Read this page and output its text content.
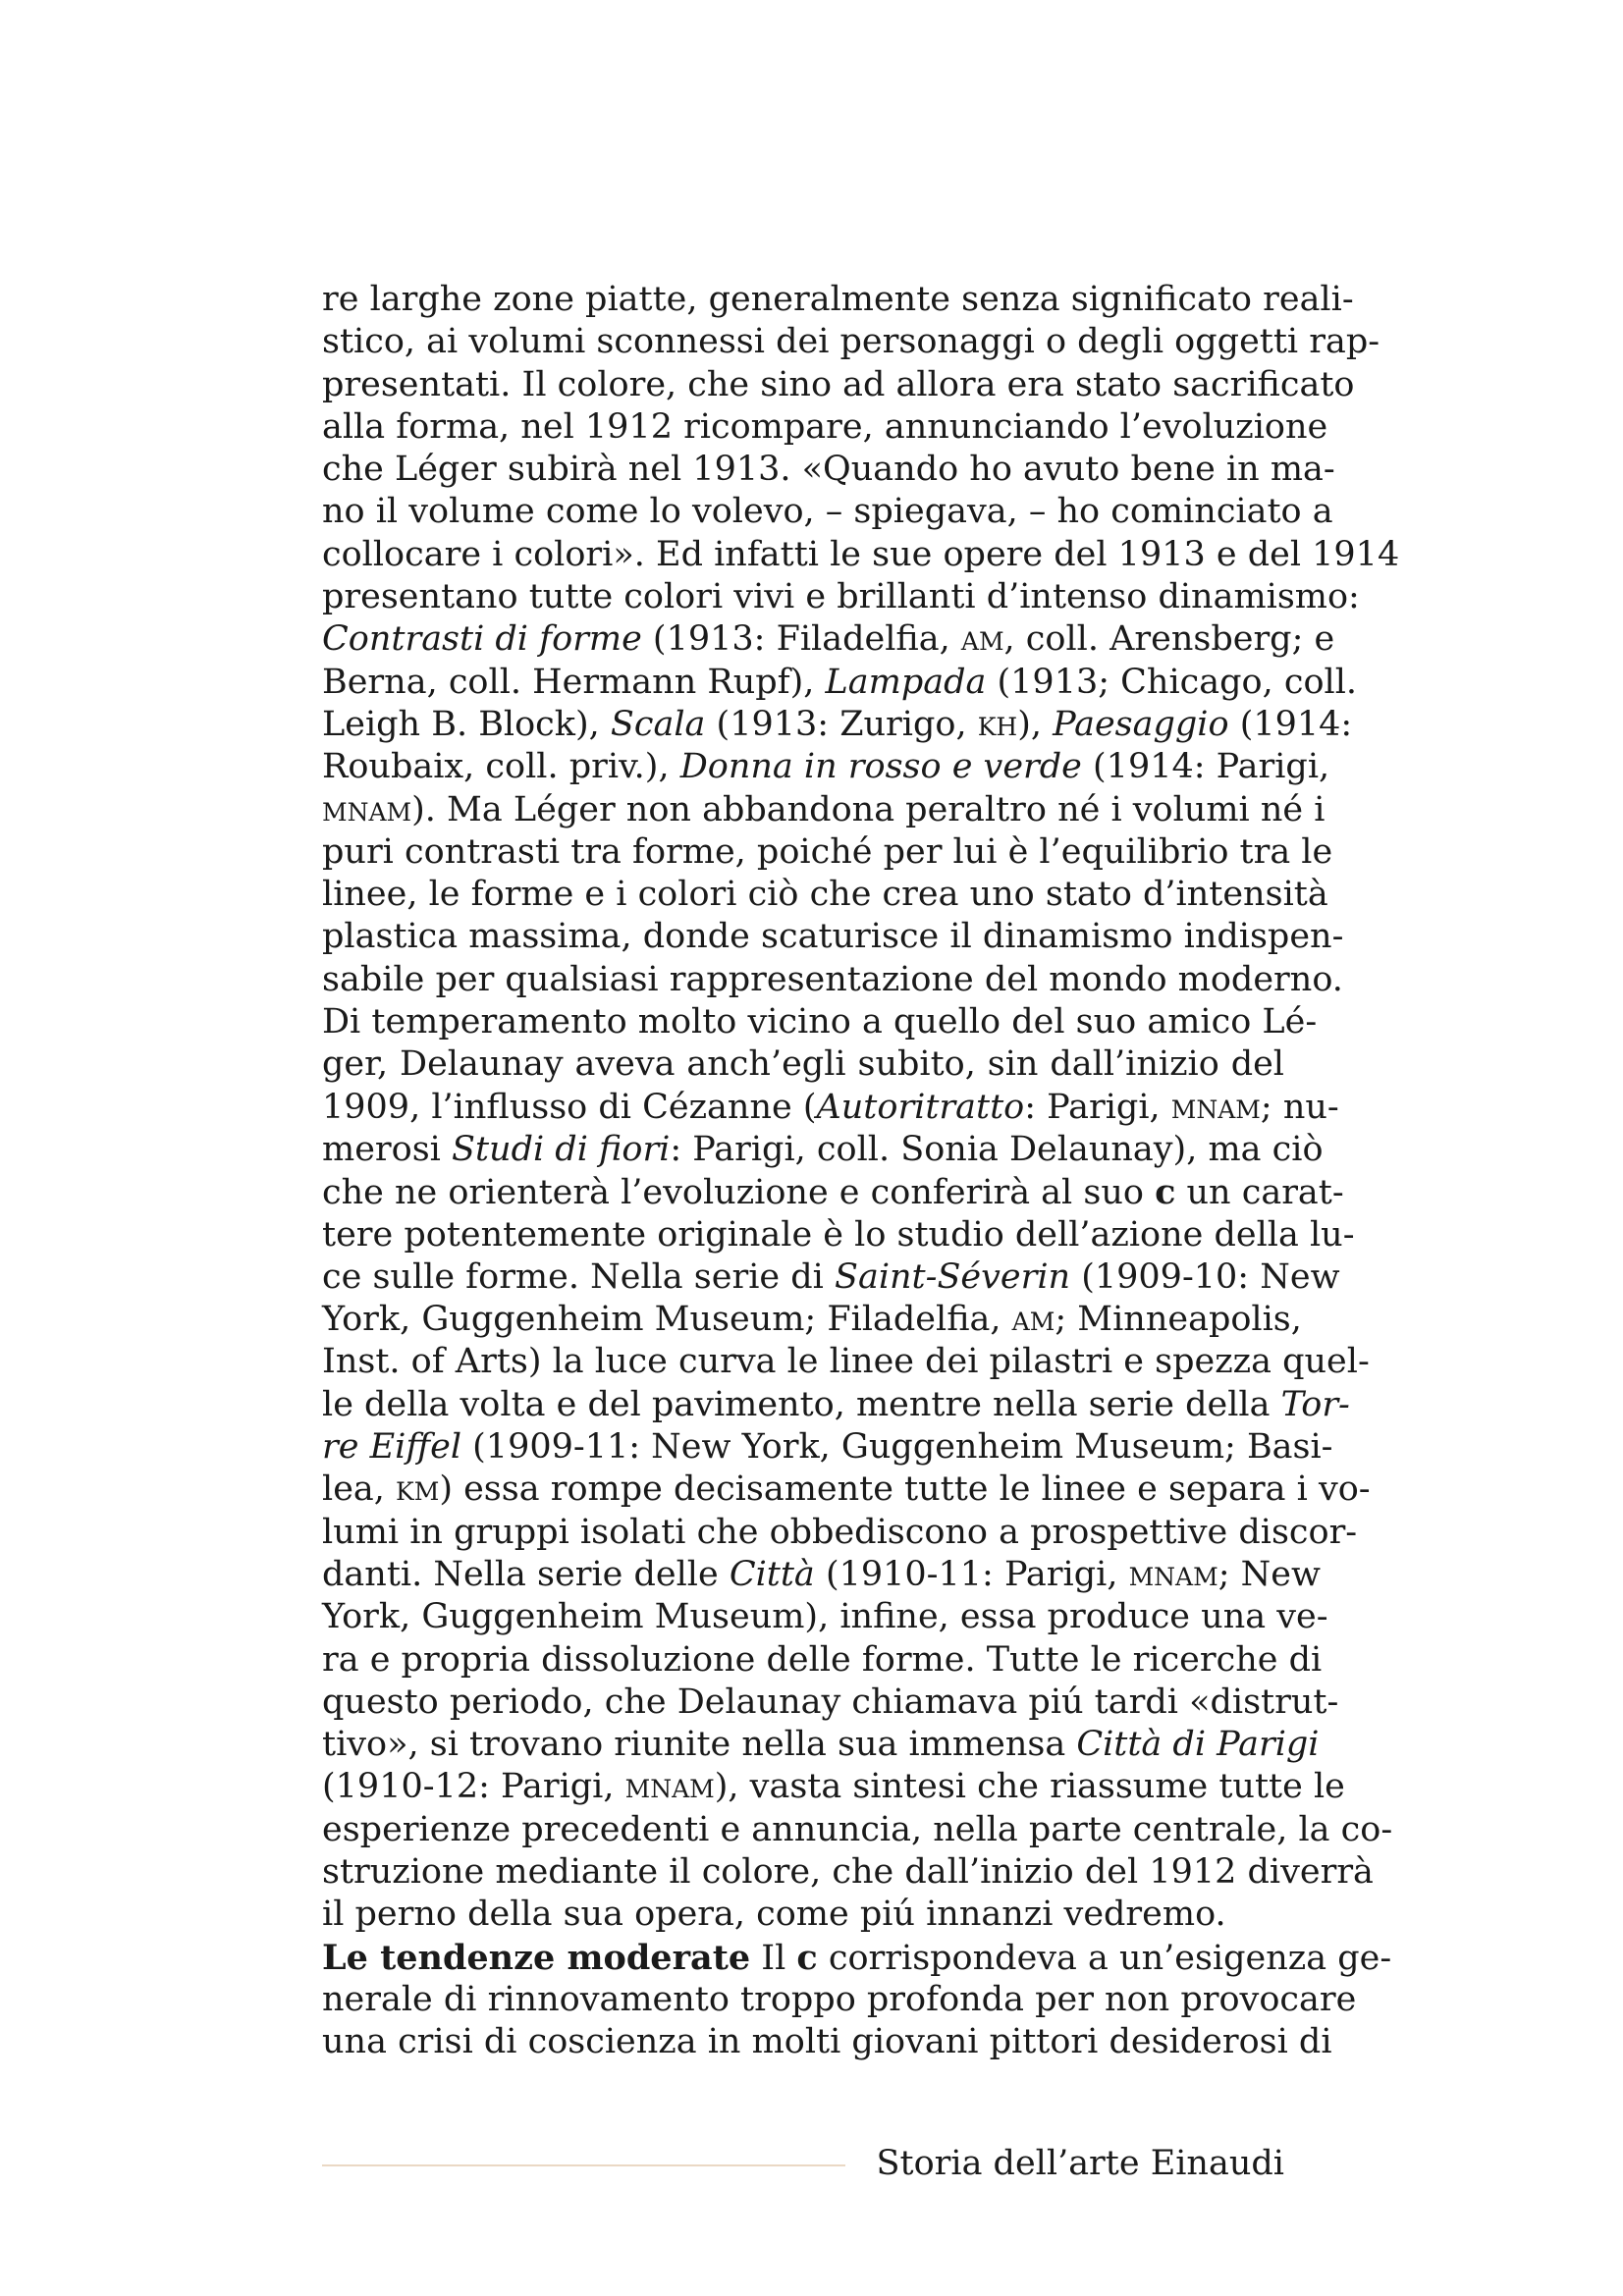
re larghe zone piatte, generalmente senza significato reali-
stico, ai volumi sconnessi dei personaggi o degli oggetti rap-
presentati. Il colore, che sino ad allora era stato sacrificato
alla forma, nel 1912 ricompare, annunciando l’evoluzione
che Léger subirà nel 1913. «Quando ho avuto bene in ma-
no il volume come lo volevo, – spiegava, – ho cominciato a
collocare i colori». Ed infatti le sue opere del 1913 e del 1914
presentano tutte colori vivi e brillanti d’intenso dinamismo:
Contrasti di forme (1913: Filadelfia, am, coll. Arensberg; e
Berna, coll. Hermann Rupf), Lampada (1913; Chicago, coll.
Leigh B. Block), Scala (1913: Zurigo, kh), Paesaggio (1914:
Roubaix, coll. priv.), Donna in rosso e verde (1914: Parigi,
mnam). Ma Léger non abbandona peraltro né i volumi né i
puri contrasti tra forme, poiché per lui è l’equilibrio tra le
linee, le forme e i colori ciò che crea uno stato d’intensità
plastica massima, donde scaturisce il dinamismo indispen-
sabile per qualsiasi rappresentazione del mondo moderno.
Di temperamento molto vicino a quello del suo amico Lé-
ger, Delaunay aveva anch’egli subito, sin dall’inizio del
1909, l’influsso di Cézanne (Autoritratto: Parigi, mnam; nu-
merosi Studi di fiori: Parigi, coll. Sonia Delaunay), ma ciò
che ne orienterà l’evoluzione e conferirà al suo c un carat-
tere potentemente originale è lo studio dell’azione della lu-
ce sulle forme. Nella serie di Saint-Séverin (1909-10: New
York, Guggenheim Museum; Filadelfia, am; Minneapolis,
Inst. of Arts) la luce curva le linee dei pilastri e spezza quel-
le della volta e del pavimento, mentre nella serie della Tor-
re Eiffel (1909-11: New York, Guggenheim Museum; Basi-
lea, km) essa rompe decisamente tutte le linee e separa i vo-
lumi in gruppi isolati che obbediscono a prospettive discor-
danti. Nella serie delle Città (1910-11: Parigi, mnam; New
York, Guggenheim Museum), infine, essa produce una ve-
ra e propria dissoluzione delle forme. Tutte le ricerche di
questo periodo, che Delaunay chiamava piú tardi «distrut-
tivo», si trovano riunite nella sua immensa Città di Parigi
(1910-12: Parigi, mnam), vasta sintesi che riassume tutte le
esperienze precedenti e annuncia, nella parte centrale, la co-
struzione mediante il colore, che dall’inizio del 1912 diverrà
il perno della sua opera, come piú innanzi vedremo.
Le tendenze moderate Il c corrispondeva a un’esigenza ge-
nerale di rinnovamento troppo profonda per non provocare
una crisi di coscienza in molti giovani pittori desiderosi di
Storia dell’arte Einaudi
